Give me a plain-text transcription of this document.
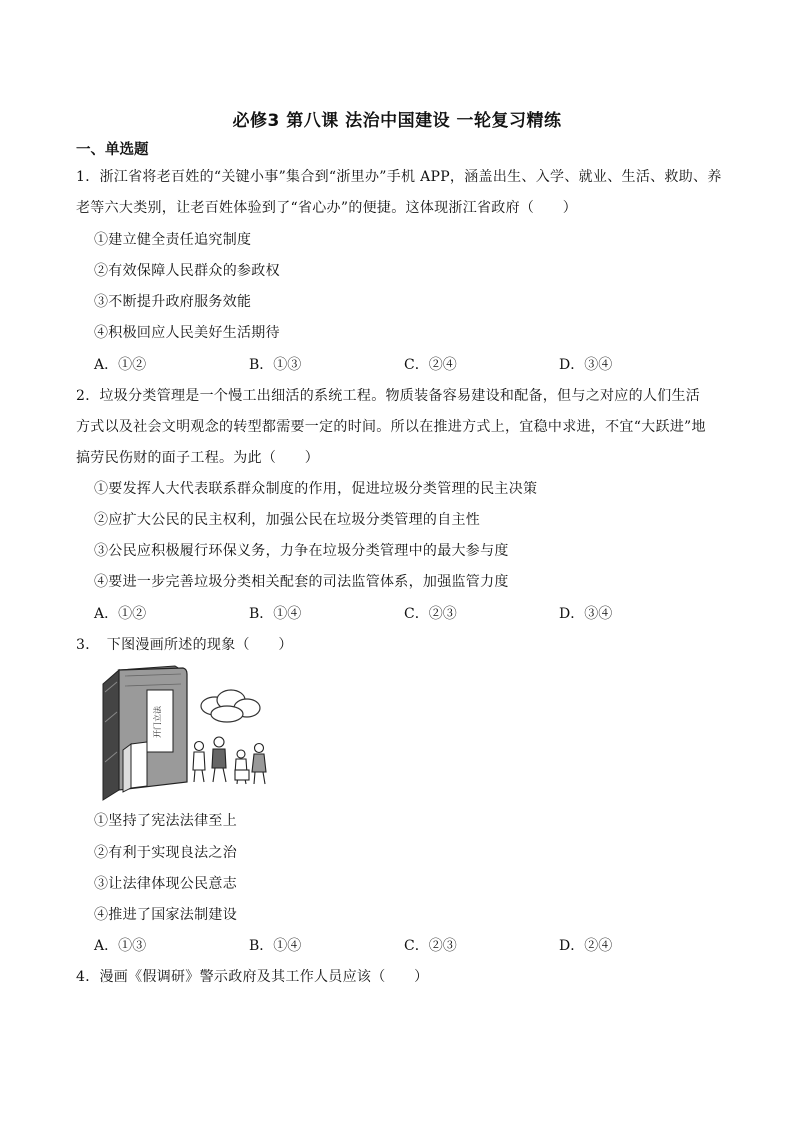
必修3 第八课 法治中国建设 一轮复习精练
一、单选题
1．浙江省将老百姓的“关键小事”集合到“浙里办”手机 APP，涵盖出生、入学、就业、生活、救助、养
老等六大类别，让老百姓体验到了“省心办”的便捷。这体现浙江省政府（　　）
①建立健全责任追究制度
②有效保障人民群众的参政权
③不断提升政府服务效能
④积极回应人民美好生活期待
A．①②	B．①③	C．②④	D．③④
2．垃圾分类管理是一个慢工出细活的系统工程。物质装备容易建设和配备，但与之对应的人们生活
方式以及社会文明观念的转型都需要一定的时间。所以在推进方式上，宜稳中求进，不宜“大跃进”地
搞劳民伤财的面子工程。为此（　　）
①要发挥人大代表联系群众制度的作用，促进垃圾分类管理的民主决策
②应扩大公民的民主权利，加强公民在垃圾分类管理的自主性
③公民应积极履行环保义务，力争在垃圾分类管理中的最大参与度
④要进一步完善垃圾分类相关配套的司法监管体系，加强监管力度
A．①②	B．①④	C．②③	D．③④
3．　下图漫画所述的现象（　　）
开门立法
①坚持了宪法法律至上
②有利于实现良法之治
③让法律体现公民意志
④推进了国家法制建设
A．①③	B．①④	C．②③	D．②④
4．漫画《假调研》警示政府及其工作人员应该（　　）
